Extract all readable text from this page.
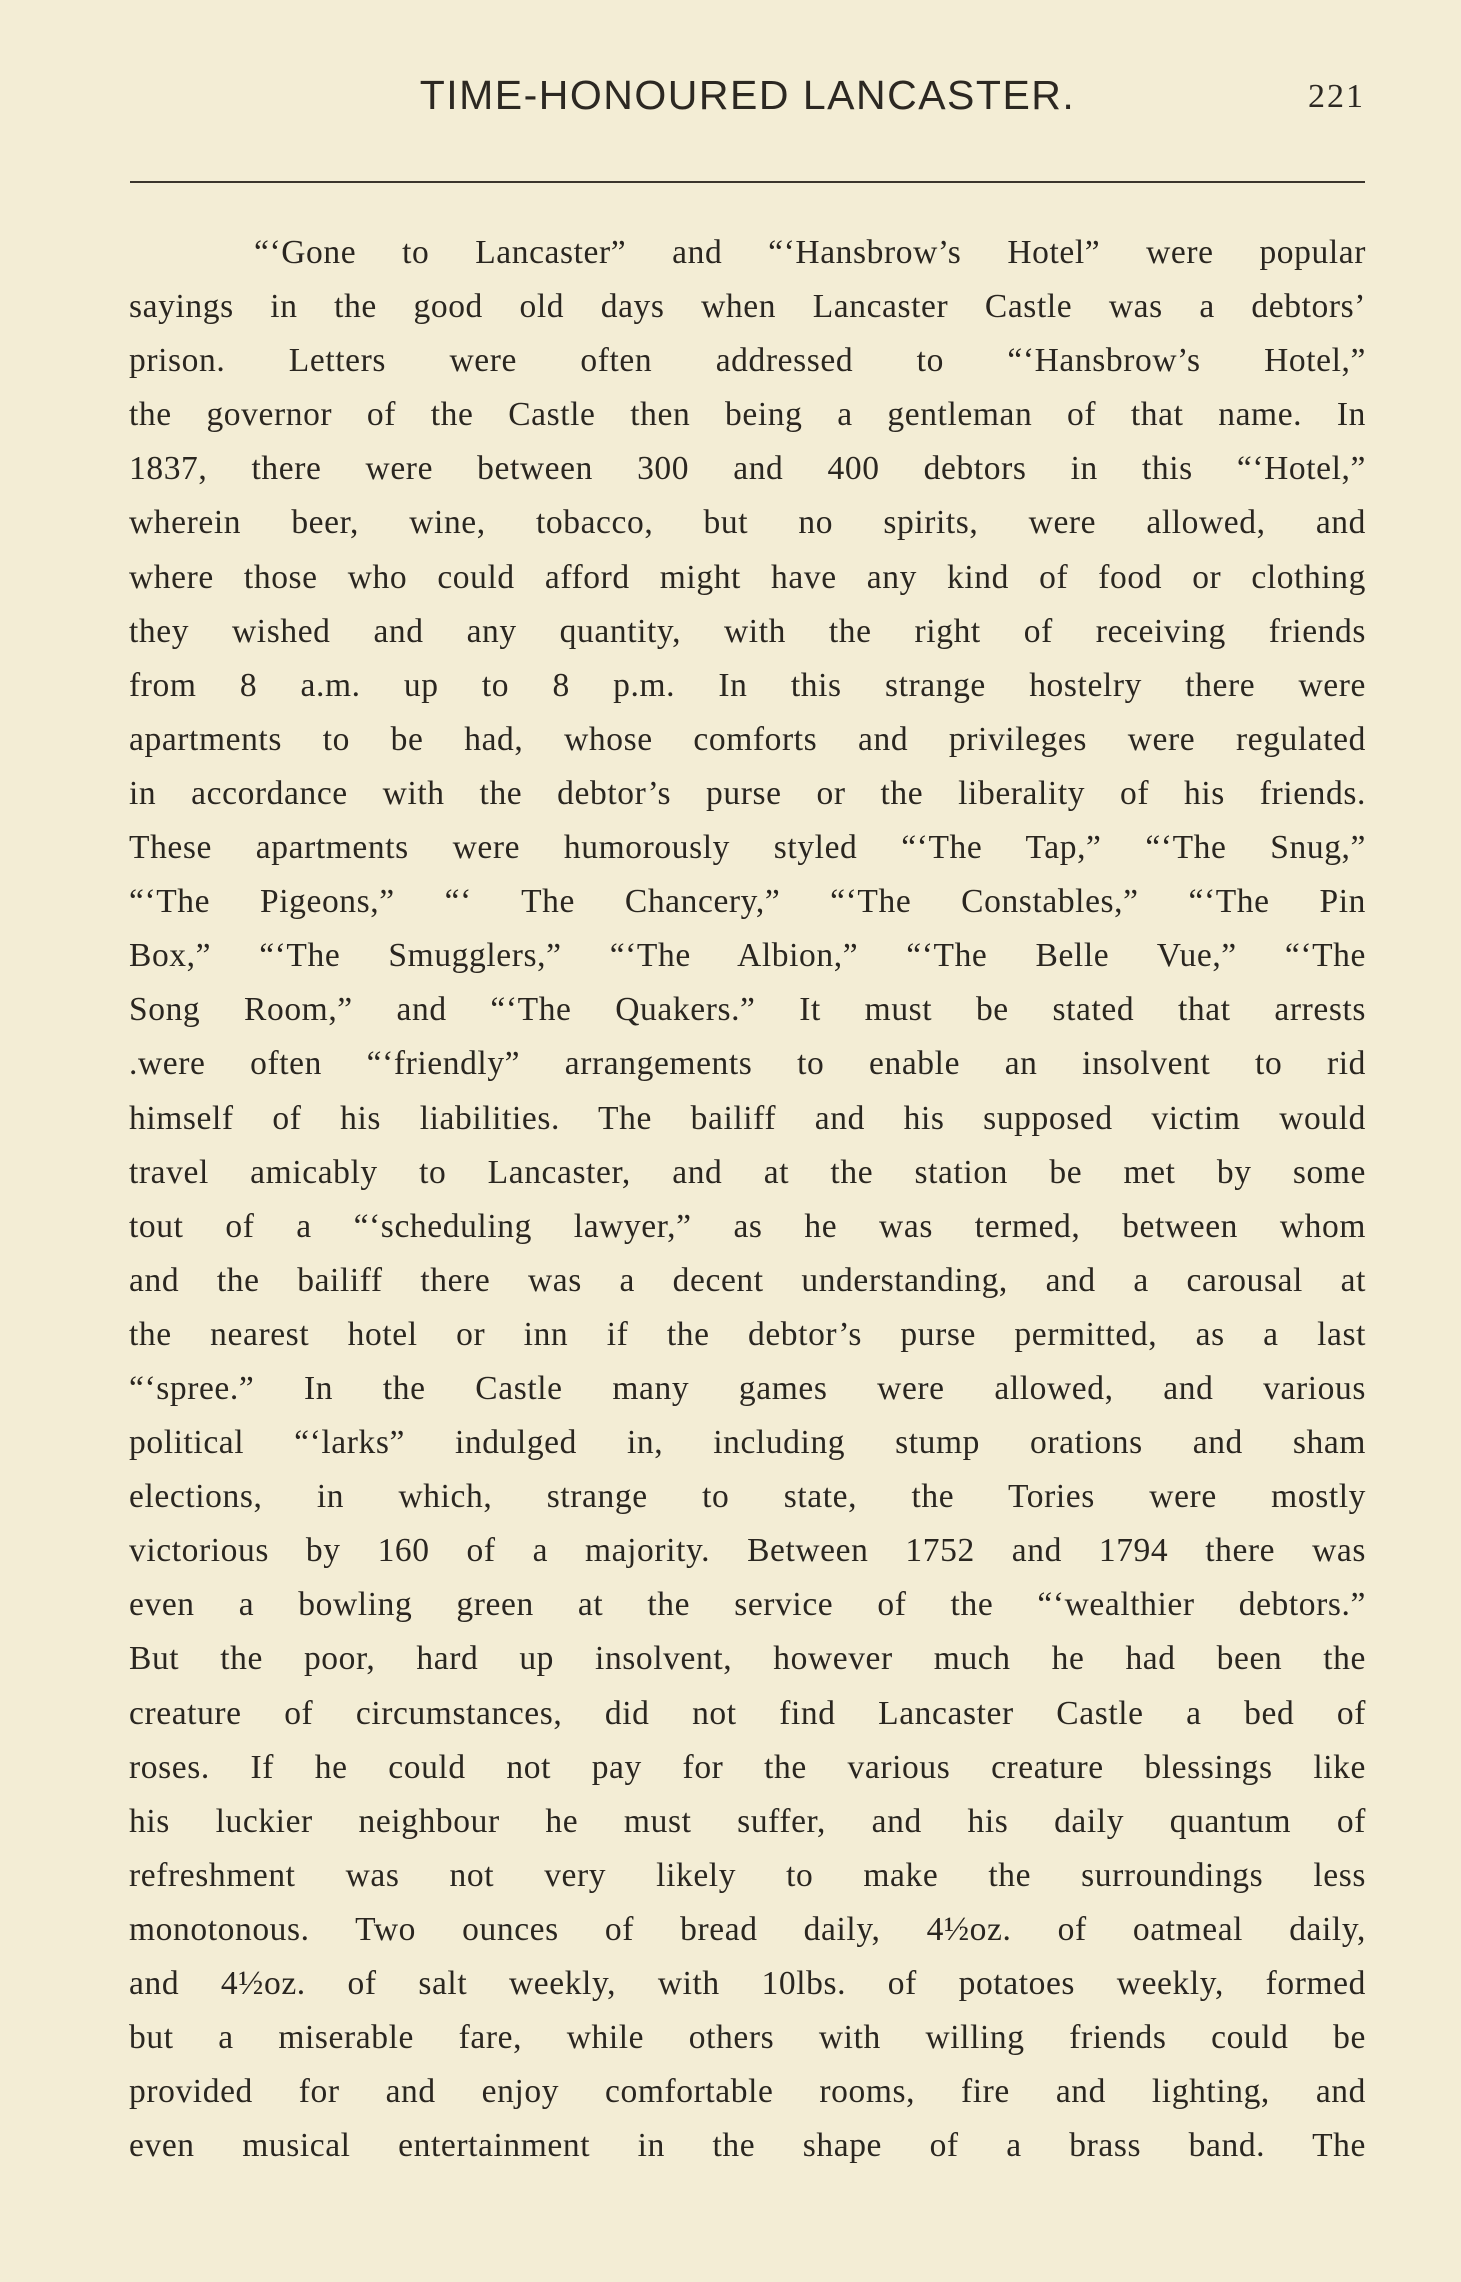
TIME-HONOURED LANCASTER.	221
“‘Gone to Lancaster” and “‘Hansbrow’s Hotel” were popular
sayings in the good old days when Lancaster Castle was a debtors’
prison. Letters were often addressed to “‘Hansbrow’s Hotel,”
the governor of the Castle then being a gentleman of that name. In
1837, there were between 300 and 400 debtors in this “‘Hotel,”
wherein beer, wine, tobacco, but no spirits, were allowed, and
where those who could afford might have any kind of food or clothing
they wished and any quantity, with the right of receiving friends
from 8 a.m. up to 8 p.m. In this strange hostelry there were
apartments to be had, whose comforts and privileges were regulated
in accordance with the debtor’s purse or the liberality of his friends.
These apartments were humorously styled “‘The Tap,” “‘The Snug,”
“‘The Pigeons,” “‘ The Chancery,” “‘The Constables,” “‘The Pin
Box,” “‘The Smugglers,” “‘The Albion,” “‘The Belle Vue,” “‘The
Song Room,” and “‘The Quakers.” It must be stated that arrests
.were often “‘friendly” arrangements to enable an insolvent to rid
himself of his liabilities. The bailiff and his supposed victim would
travel amicably to Lancaster, and at the station be met by some
tout of a “‘scheduling lawyer,” as he was termed, between whom
and the bailiff there was a decent understanding, and a carousal at
the nearest hotel or inn if the debtor’s purse permitted, as a last
“‘spree.” In the Castle many games were allowed, and various
political “‘larks” indulged in, including stump orations and sham
elections, in which, strange to state, the Tories were mostly
victorious by 160 of a majority. Between 1752 and 1794 there was
even a bowling green at the service of the “‘wealthier debtors.”
But the poor, hard up insolvent, however much he had been the
creature of circumstances, did not find Lancaster Castle a bed of
roses. If he could not pay for the various creature blessings like
his luckier neighbour he must suffer, and his daily quantum of
refreshment was not very likely to make the surroundings less
monotonous. Two ounces of bread daily, 4½oz. of oatmeal daily,
and 4½oz. of salt weekly, with 10lbs. of potatoes weekly, formed
but a miserable fare, while others with willing friends could be
provided for and enjoy comfortable rooms, fire and lighting, and
even musical entertainment in the shape of a brass band. The
